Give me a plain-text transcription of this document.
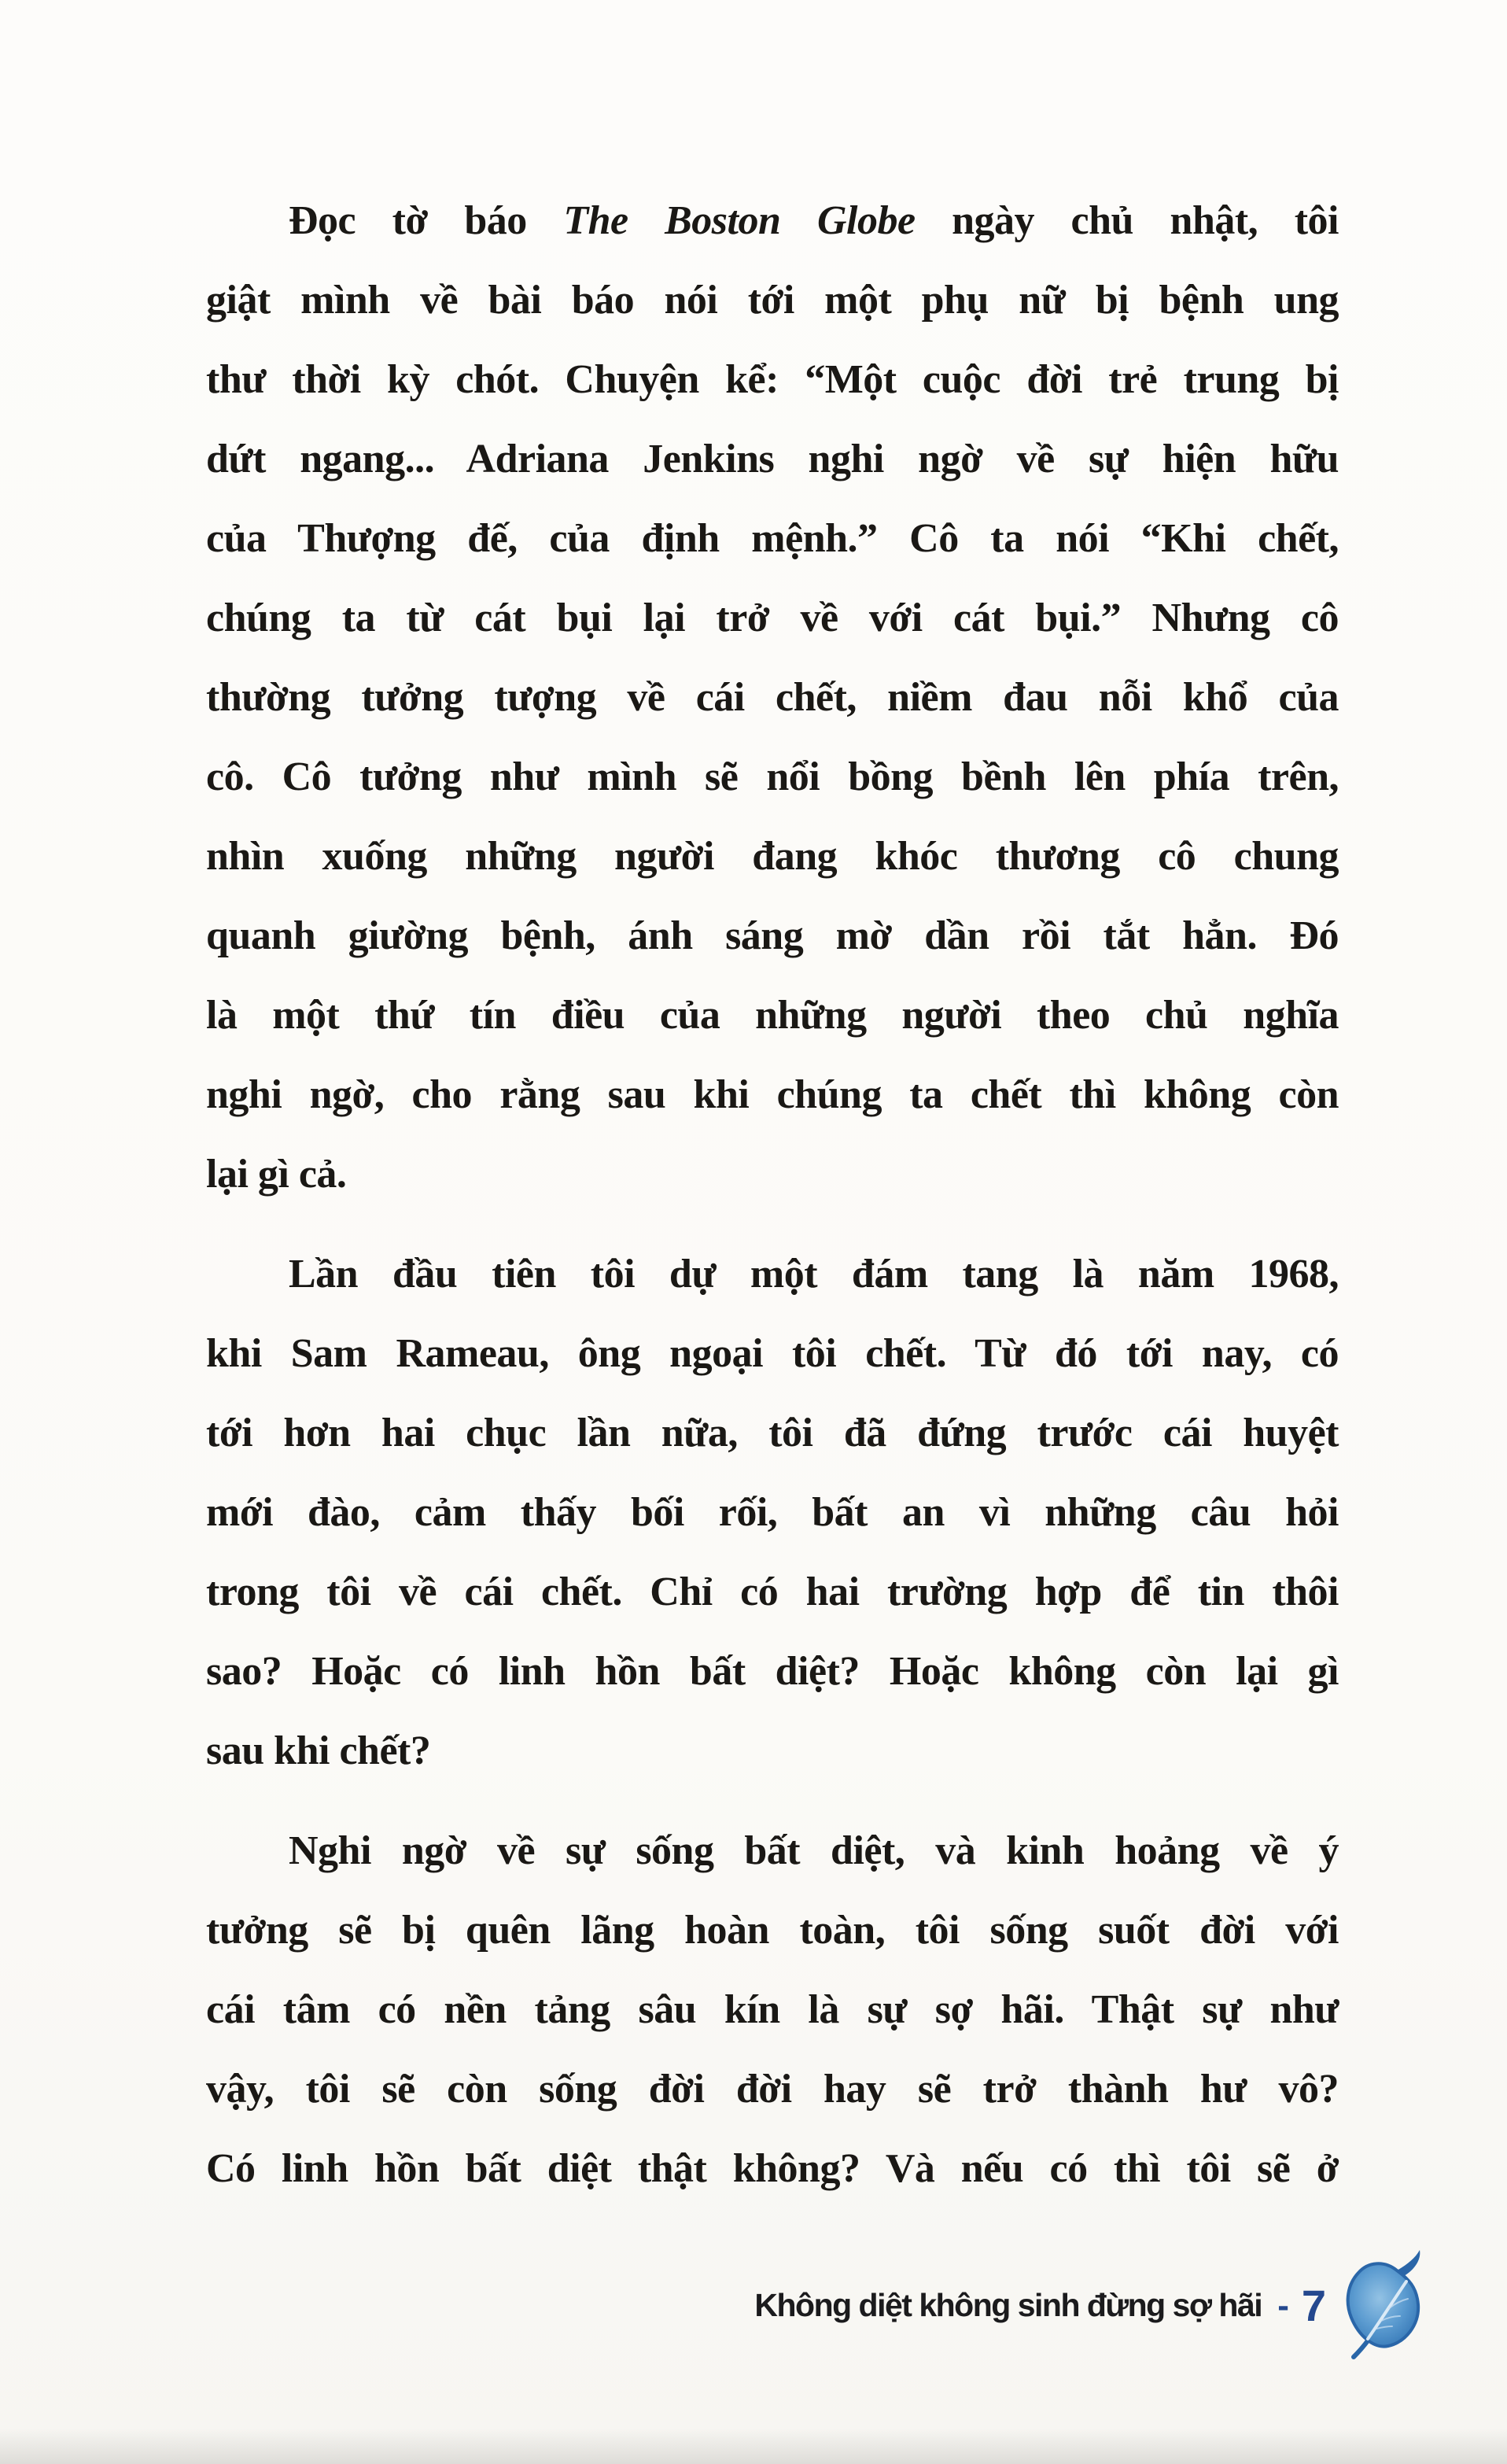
Đọc tờ báo The Boston Globe ngày chủ nhật, tôi
giật mình về bài báo nói tới một phụ nữ bị bệnh ung
thư thời kỳ chót. Chuyện kể: “Một cuộc đời trẻ trung bị
dứt ngang... Adriana Jenkins nghi ngờ về sự hiện hữu
của Thượng đế, của định mệnh.” Cô ta nói “Khi chết,
chúng ta từ cát bụi lại trở về với cát bụi.” Nhưng cô
thường tưởng tượng về cái chết, niềm đau nỗi khổ của
cô. Cô tưởng như mình sẽ nổi bồng bềnh lên phía trên,
nhìn xuống những người đang khóc thương cô chung
quanh giường bệnh, ánh sáng mờ dần rồi tắt hẳn. Đó
là một thứ tín điều của những người theo chủ nghĩa
nghi ngờ, cho rằng sau khi chúng ta chết thì không còn
lại gì cả.
Lần đầu tiên tôi dự một đám tang là năm 1968,
khi Sam Rameau, ông ngoại tôi chết. Từ đó tới nay, có
tới hơn hai chục lần nữa, tôi đã đứng trước cái huyệt
mới đào, cảm thấy bối rối, bất an vì những câu hỏi
trong tôi về cái chết. Chỉ có hai trường hợp để tin thôi
sao? Hoặc có linh hồn bất diệt? Hoặc không còn lại gì
sau khi chết?
Nghi ngờ về sự sống bất diệt, và kinh hoảng về ý
tưởng sẽ bị quên lãng hoàn toàn, tôi sống suốt đời với
cái tâm có nền tảng sâu kín là sự sợ hãi. Thật sự như
vậy, tôi sẽ còn sống đời đời hay sẽ trở thành hư vô?
Có linh hồn bất diệt thật không? Và nếu có thì tôi sẽ ở
Không diệt không sinh đừng sợ hãi - 7
